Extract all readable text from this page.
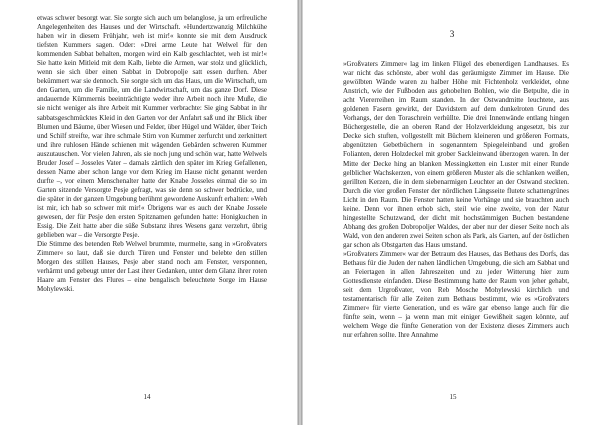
etwas schwer besorgt war. Sie sorgte sich auch um belanglose, ja um erfreuliche Angelegenheiten des Hauses und der Wirtschaft. »Hundertzwanzig Milchkühe haben wir in diesem Frühjahr, weh ist mir!« konnte sie mit dem Ausdruck tiefsten Kummers sagen. Oder: »Drei arme Leute hat Welwel für den kommenden Sabbat behalten, morgen wird ein Kalb geschlachtet, weh ist mir!« Sie hatte kein Mitleid mit dem Kalb, liebte die Armen, war stolz und glücklich, wenn sie sich über einen Sabbat in Dobropolje satt essen durften. Aber bekümmert war sie dennoch. Sie sorgte sich um das Haus, um die Wirtschaft, um den Garten, um die Familie, um die Landwirtschaft, um das ganze Dorf. Diese andauernde Kümmernis beeinträchtigte weder ihre Arbeit noch ihre Muße, die sie nicht weniger als ihre Arbeit mit Kummer verbrachte: Sie ging Sabbat in ihr sabbatsgeschmücktes Kleid in den Garten vor der Anfahrt saß und ihr Blick über Blumen und Bäume, über Wiesen und Felder, über Hügel und Wälder, über Teich und Schilf streifte, war ihre schmale Stirn von Kummer zerfurcht und zerknittert und ihre ruhlosen Hände schienen mit wägenden Gebärden schweren Kummer auszutauschen. Vor vielen Jahren, als sie noch jung und schön war, hatte Welwels Bruder Josef – Josseles Vater – damals zärtlich den später im Krieg Gefallenen, dessen Name aber schon lange vor dem Krieg im Hause nicht genannt werden durfte –, vor einem Menschenalter hatte der Knabe Josseles einmal die so im Garten sitzende Versorgte Pesje gefragt, was sie denn so schwer bedrücke, und die später in der ganzen Umgebung berühmt gewordene Auskunft erhalten: »Weh ist mir, ich hab so schwer mit mir!« Übrigens war es auch der Knabe Jossele gewesen, der für Pesje den ersten Spitznamen gefunden hatte: Honigkuchen in Essig. Die Zeit hatte aber die süße Substanz ihres Wesens ganz verzehrt, übrig geblieben war – die Versorgte Pesje.

Die Stimme des betenden Reb Welwel brummte, murmelte, sang in »Großvaters Zimmer« so laut, daß sie durch Türen und Fenster und belebte den stillen Morgen des stillen Hauses, Pesje aber stand noch am Fenster, versponnen, verhärmt und gebeugt unter der Last ihrer Gedanken, unter dem Glanz ihrer roten Haare am Fenster des Flures – eine bengalisch beleuchtete Sorge im Hause Mohylewski.

14
3

»Großvaters Zimmer« lag im linken Flügel des ebenerdigen Landhauses. Es war nicht das schönste, aber wohl das geräumigste Zimmer im Hause. Die gewölbten Wände waren zu halber Höhe mit Fichtenholz verkleidet, ohne Anstrich, wie der Fußboden aus gehobelten Bohlen, wie die Betpulte, die in acht Viererreihen im Raum standen. In der Ostwandmitte leuchtete, aus goldenen Fasern gewirkt, der Davidstern auf dem dunkelroten Grund des Vorhangs, der den Toraschrein verhüllte. Die drei Innenwände entlang hingen Büchergestelle, die an oberen Rand der Holzverkleidung angesetzt, bis zur Decke sich stuften, vollgestellt mit Büchern kleineren und größeren Formats, abgenützten Gebetbüchern in sogenanntem Spiegeleinband und großen Folianten, deren Holzdeckel mit grober Sackleinwand überzogen waren. In der Mitte der Decke hing an blanken Messingketten ein Luster mit einer Runde gelblicher Wachskerzen, von einem größeren Muster als die schlanken weißen, gerillten Kerzen, die in dem siebenarmigen Leuchter an der Ostwand steckten. Durch die vier großen Fenster der nördlichen Längsseite flutete schattengrünes Licht in den Raum. Die Fenster hatten keine Vorhänge und sie brauchten auch keine. Denn vor ihnen erhob sich, steil wie eine zweite, von der Natur hingestellte Schutzwand, der dicht mit hochstämmigen Buchen bestandene Abhang des großen Dobropoljer Waldes, der aber nur der dieser Seite noch als Wald, von den anderen zwei Seiten schon als Park, als Garten, auf der östlichen gar schon als Obstgarten das Haus umstand.

»Großvaters Zimmer« war der Betraum des Hauses, das Bethaus des Dorfs, das Bethaus für die Juden der nahen ländlichen Umgebung, die sich am Sabbat und an Feiertagen in allen Jahreszeiten und zu jeder Witterung hier zum Gottesdienste einfanden. Diese Bestimmung hatte der Raum von jeher gehabt, seit dem Urgroßvater, von Reb Mosche Mohylewski kirchlich und testamentarisch für alle Zeiten zum Bethaus bestimmt, wie es »Großvaters Zimmer« für vierte Generation, und es wäre gar ebenso lange auch für die fünfte sein, wenn – ja wenn man mit einiger Gewißheit sagen könnte, auf welchem Wege die fünfte Generation von der Existenz dieses Zimmers auch nur erfahren sollte. Ihre Annahme

15
